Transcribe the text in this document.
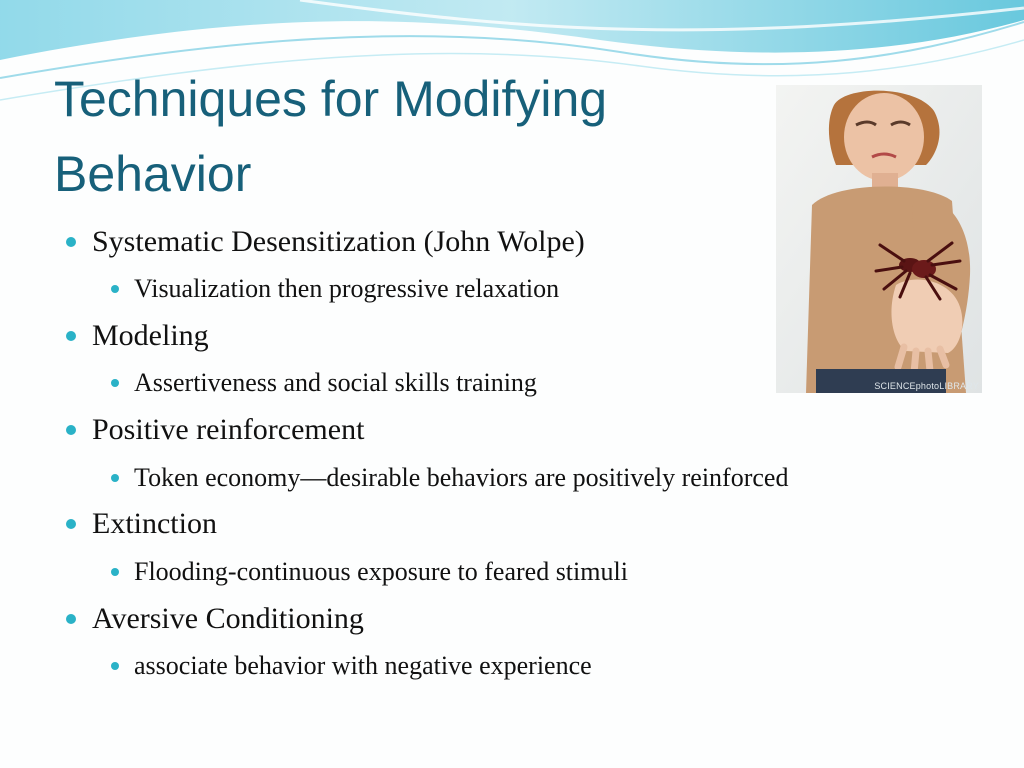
Techniques for Modifying Behavior
SCIENCEphotoLIBRARY
Systematic Desensitization (John Wolpe)
Visualization then progressive relaxation
Modeling
Assertiveness and social skills training
Positive reinforcement
Token economy—desirable behaviors are positively reinforced
Extinction
Flooding-continuous exposure to feared stimuli
Aversive Conditioning
associate behavior with negative experience
